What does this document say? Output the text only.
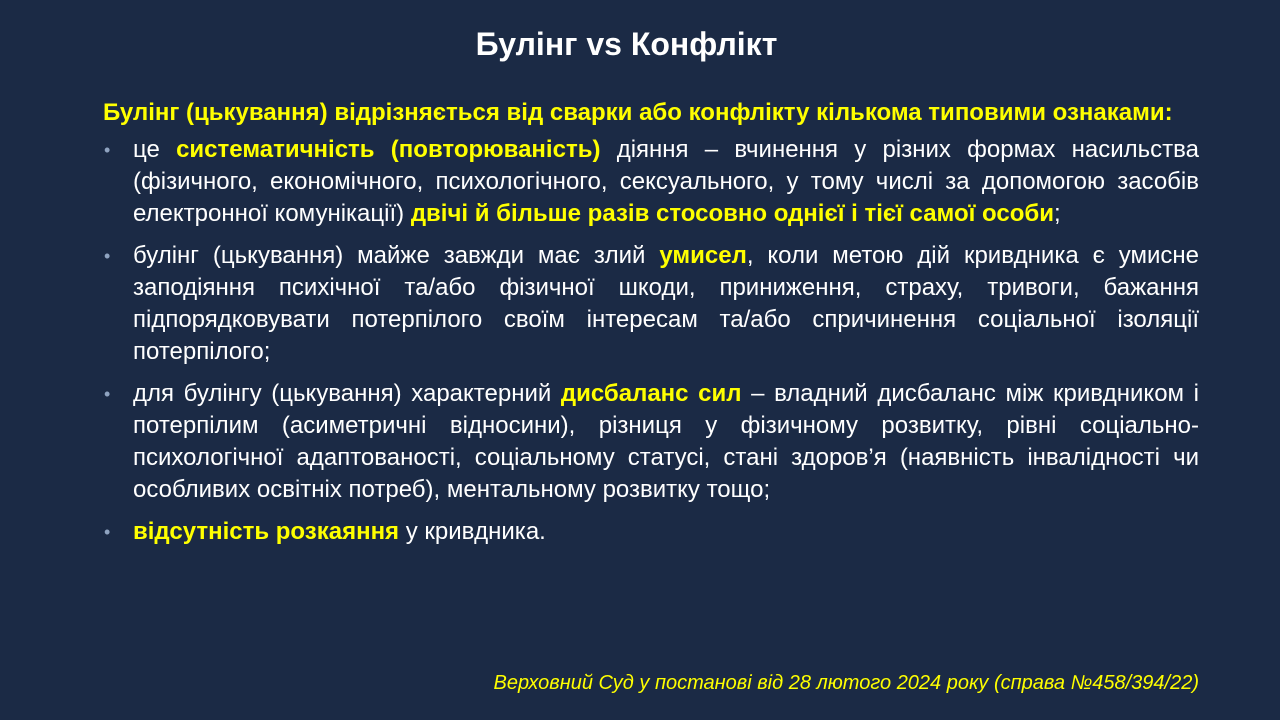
Булінг vs Конфлікт

Булінг (цькування) відрізняється від сварки або конфлікту кількома типовими ознаками:

• це систематичність (повторюваність) діяння – вчинення у різних формах насильства (фізичного, економічного, психологічного, сексуального, у тому числі за допомогою засобів електронної комунікації) двічі й більше разів стосовно однієї і тієї самої особи;
• булінг (цькування) майже завжди має злий умисел, коли метою дій кривдника є умисне заподіяння психічної та/або фізичної шкоди, приниження, страху, тривоги, бажання підпорядковувати потерпілого своїм інтересам та/або спричинення соціальної ізоляції потерпілого;
• для булінгу (цькування) характерний дисбаланс сил – владний дисбаланс між кривдником і потерпілим (асиметричні відносини), різниця у фізичному розвитку, рівні соціально-психологічної адаптованості, соціальному статусі, стані здоров’я (наявність інвалідності чи особливих освітніх потреб), ментальному розвитку тощо;
• відсутність розкаяння у кривдника.
Верховний Суд у постанові від 28 лютого 2024 року (справа №458/394/22)
